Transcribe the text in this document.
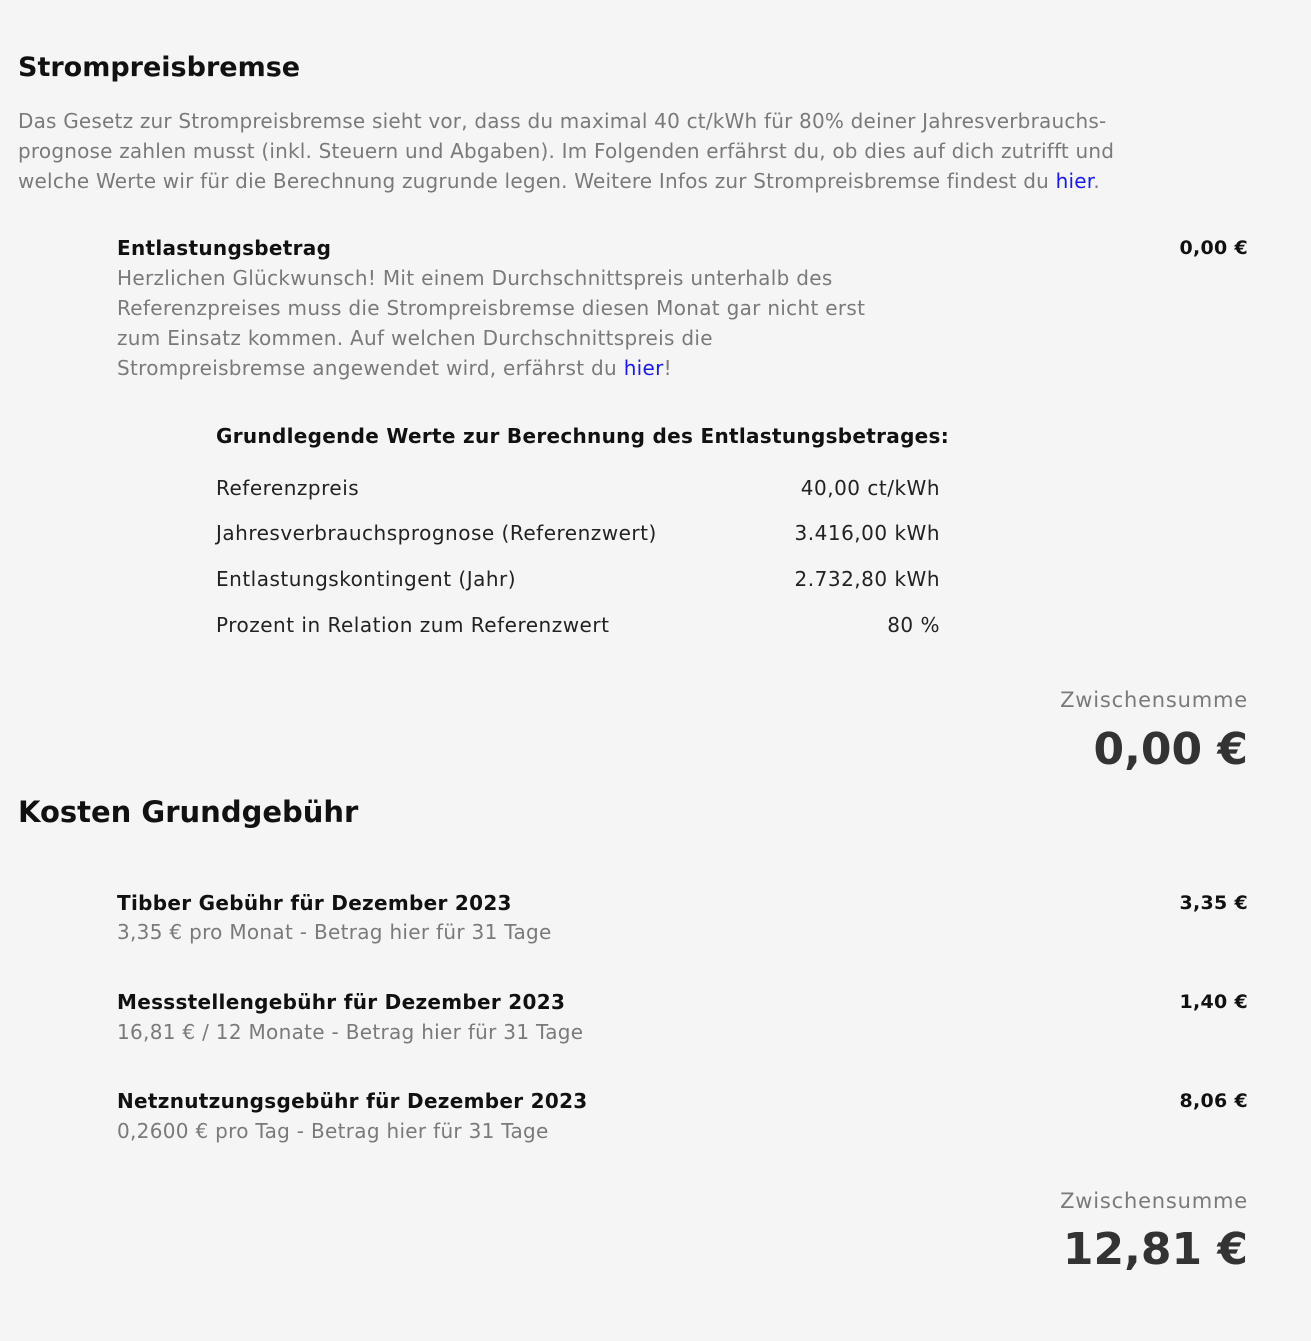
Strompreisbremse
Das Gesetz zur Strompreisbremse sieht vor, dass du maximal 40 ct/kWh für 80% deiner Jahresverbrauchs-
prognose zahlen musst (inkl. Steuern und Abgaben). Im Folgenden erfährst du, ob dies auf dich zutrifft und
welche Werte wir für die Berechnung zugrunde legen. Weitere Infos zur Strompreisbremse findest du hier.
Entlastungsbetrag	0,00 €
Herzlichen Glückwunsch! Mit einem Durchschnittspreis unterhalb des
Referenzpreises muss die Strompreisbremse diesen Monat gar nicht erst
zum Einsatz kommen. Auf welchen Durchschnittspreis die
Strompreisbremse angewendet wird, erfährst du hier!
Grundlegende Werte zur Berechnung des Entlastungsbetrages:
Referenzpreis	40,00 ct/kWh
Jahresverbrauchsprognose (Referenzwert)	3.416,00 kWh
Entlastungskontingent (Jahr)	2.732,80 kWh
Prozent in Relation zum Referenzwert	80 %
Zwischensumme
0,00 €
Kosten Grundgebühr
Tibber Gebühr für Dezember 2023	3,35 €
3,35 € pro Monat - Betrag hier für 31 Tage
Messstellengebühr für Dezember 2023	1,40 €
16,81 € / 12 Monate - Betrag hier für 31 Tage
Netznutzungsgebühr für Dezember 2023	8,06 €
0,2600 € pro Tag - Betrag hier für 31 Tage
Zwischensumme
12,81 €
